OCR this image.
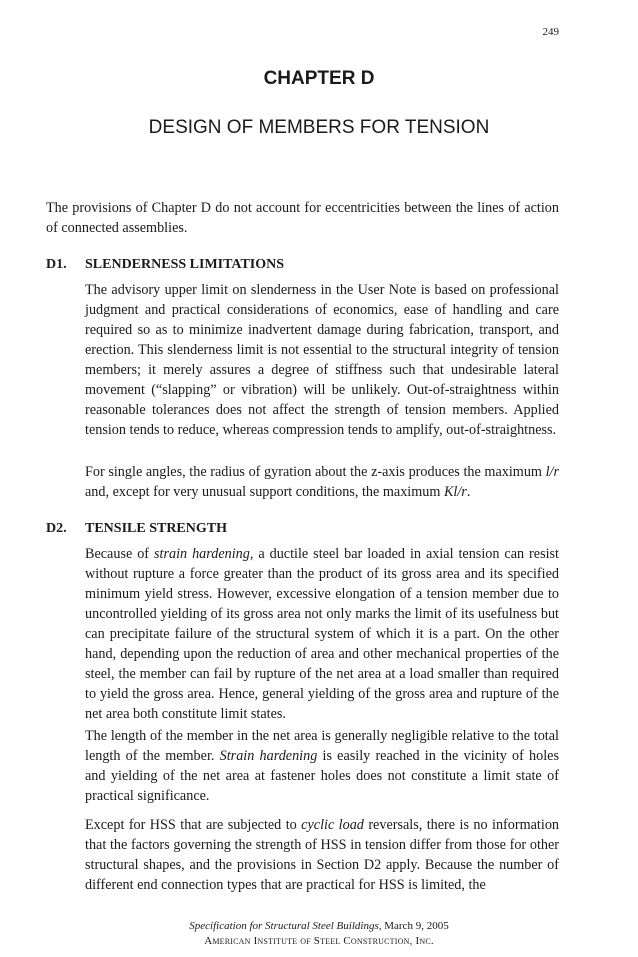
249
CHAPTER D
DESIGN OF MEMBERS FOR TENSION

The provisions of Chapter D do not account for eccentricities between the lines of action of connected assemblies.

D1. SLENDERNESS LIMITATIONS

The advisory upper limit on slenderness in the User Note is based on professional judgment and practical considerations of economics, ease of handling and care required so as to minimize inadvertent damage during fabrication, transport, and erection. This slenderness limit is not essential to the structural integrity of tension members; it merely assures a degree of stiffness such that undesirable lateral movement (“slapping” or vibration) will be unlikely. Out-of-straightness within reasonable tolerances does not affect the strength of tension members. Applied tension tends to reduce, whereas compression tends to amplify, out-of-straightness.

For single angles, the radius of gyration about the z-axis produces the maximum l/r and, except for very unusual support conditions, the maximum Kl/r.

D2. TENSILE STRENGTH

Because of strain hardening, a ductile steel bar loaded in axial tension can resist without rupture a force greater than the product of its gross area and its specified minimum yield stress. However, excessive elongation of a tension member due to uncontrolled yielding of its gross area not only marks the limit of its usefulness but can precipitate failure of the structural system of which it is a part. On the other hand, depending upon the reduction of area and other mechanical properties of the steel, the member can fail by rupture of the net area at a load smaller than required to yield the gross area. Hence, general yielding of the gross area and rupture of the net area both constitute limit states.

The length of the member in the net area is generally negligible relative to the total length of the member. Strain hardening is easily reached in the vicinity of holes and yielding of the net area at fastener holes does not constitute a limit state of practical significance.

Except for HSS that are subjected to cyclic load reversals, there is no information that the factors governing the strength of HSS in tension differ from those for other structural shapes, and the provisions in Section D2 apply. Because the number of different end connection types that are practical for HSS is limited, the

Specification for Structural Steel Buildings, March 9, 2005
American Institute of Steel Construction, Inc.
